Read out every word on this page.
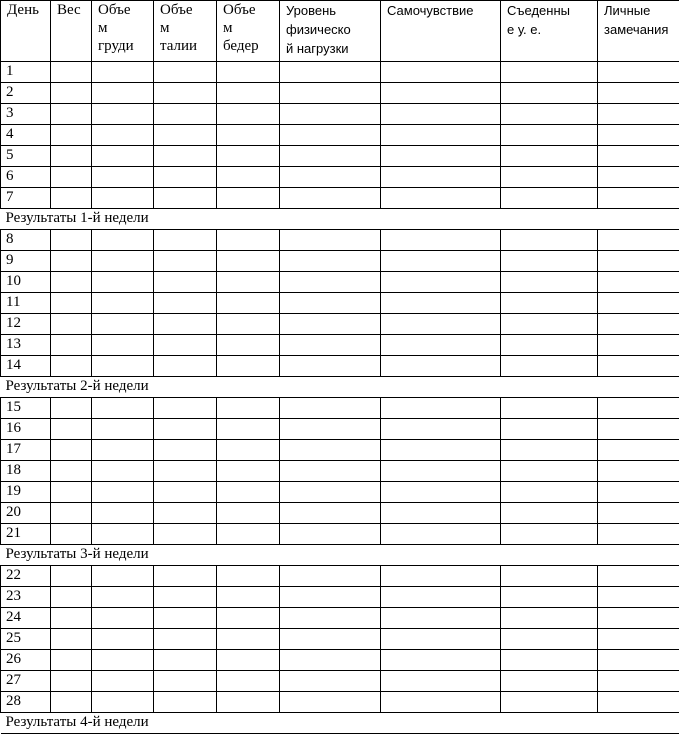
День	Вес	Объе
м
груди	Объе
м
талии	Объе
м
бедер	Уровень
физическо
й нагрузки	Самочувствие	Съеденны
е у. е.	Личные
замечания

1								
2								
3								
4								
5								
6								
7								
Результаты 1-й недели								
8								
9								
10								
11								
12								
13								
14								
Результаты 2-й недели								
15								
16								
17								
18								
19								
20								
21								
Результаты 3-й недели								
22								
23								
24								
25								
26								
27								
28								
Результаты 4-й недели								
